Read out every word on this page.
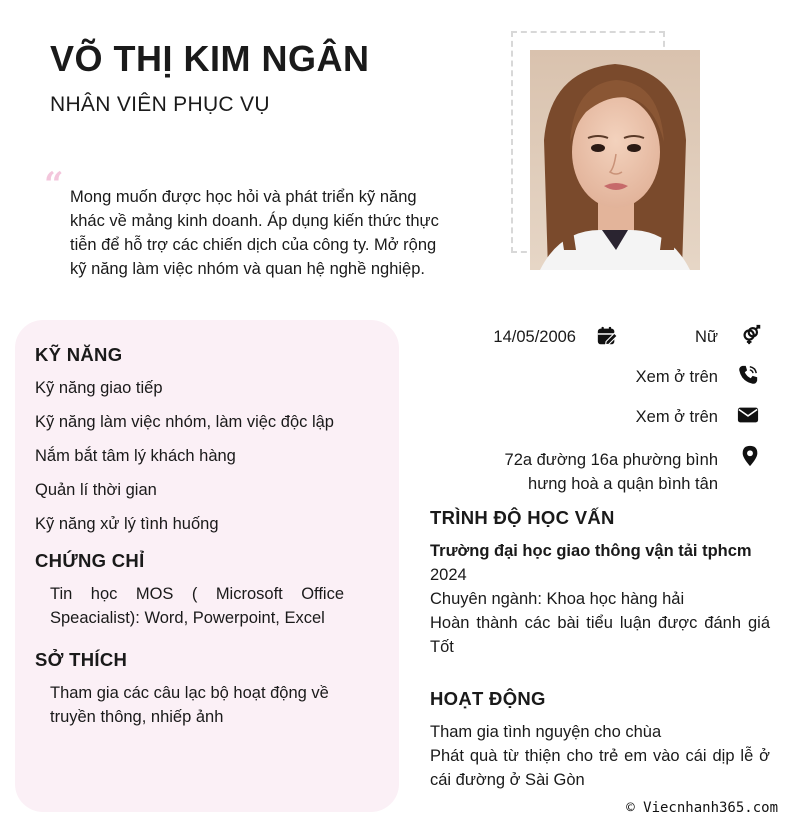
VÕ THỊ KIM NGÂN
NHÂN VIÊN PHỤC VỤ
“ Mong muốn được học hỏi và phát triển kỹ năng khác về mảng kinh doanh. Áp dụng kiến thức thực tiễn để hỗ trợ các chiến dịch của công ty. Mở rộng kỹ năng làm việc nhóm và quan hệ nghề nghiệp.
KỸ NĂNG
Kỹ năng giao tiếp
Kỹ năng làm việc nhóm, làm việc độc lập
Nắm bắt tâm lý khách hàng
Quản lí thời gian
Kỹ năng xử lý tình huống
CHỨNG CHỈ
Tin học MOS ( Microsoft Office Speacialist): Word, Powerpoint, Excel
SỞ THÍCH
Tham gia các câu lạc bộ hoạt động về truyền thông, nhiếp ảnh
14/05/2006	Nữ
Xem ở trên
Xem ở trên
72a đường 16a phường bình
hưng hoà a quận bình tân
TRÌNH ĐỘ HỌC VẤN
Trường đại học giao thông vận tải tphcm
2024
Chuyên ngành: Khoa học hàng hải
Hoàn thành các bài tiểu luận được đánh giá Tốt
HOẠT ĐỘNG
Tham gia tình nguyện cho chùa
Phát quà từ thiện cho trẻ em vào cái dịp lễ ở cái đường ở Sài Gòn
© Viecnhanh365.com
